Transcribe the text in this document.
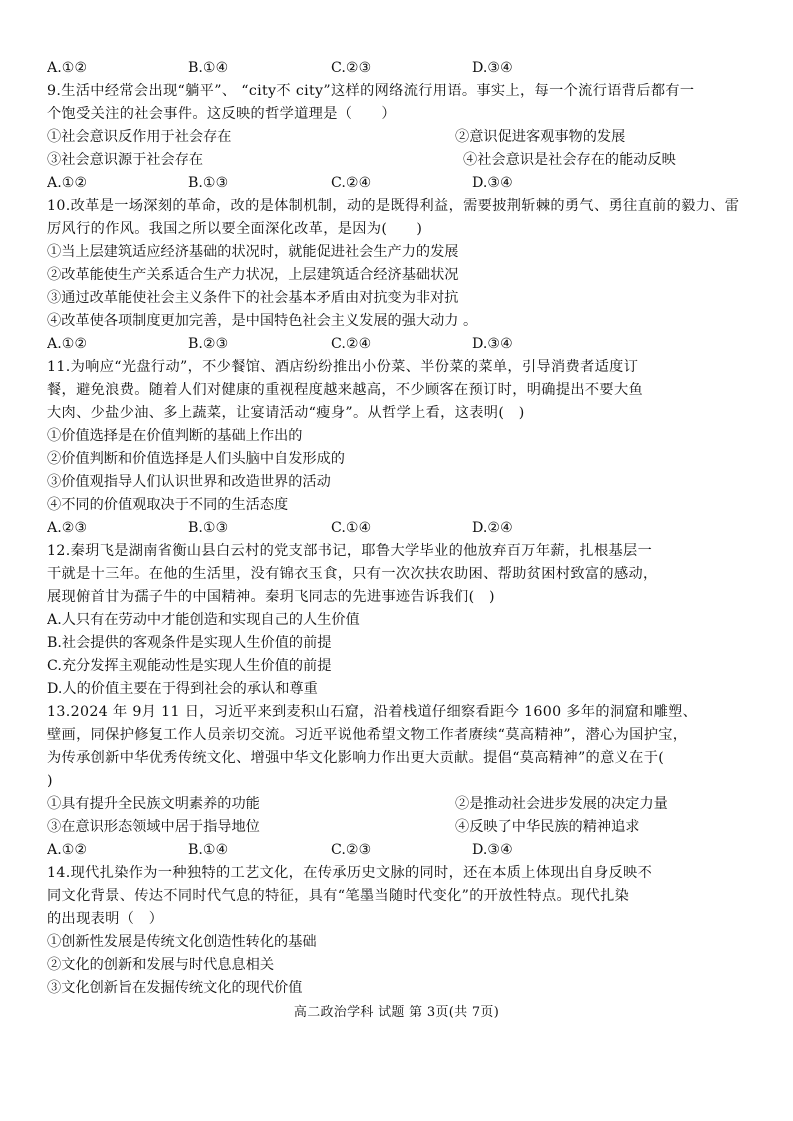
A.①②	B.①④	C.②③	D.③④
9.生活中经常会出现“躺平”、 “city不 city”这样的网络流行用语。事实上，每一个流行语背后都有一
个饱受关注的社会事件。这反映的哲学道理是（　　）
①社会意识反作用于社会存在	②意识促进客观事物的发展
③社会意识源于社会存在	④社会意识是社会存在的能动反映
A.①②	B.①③	C.②④	D.③④
10.改革是一场深刻的革命，改的是体制机制，动的是既得利益，需要披荆斩棘的勇气、勇往直前的毅力、雷
厉风行的作风。我国之所以要全面深化改革，是因为(　　)
①当上层建筑适应经济基础的状况时，就能促进社会生产力的发展
②改革能使生产关系适合生产力状况，上层建筑适合经济基础状况
③通过改革能使社会主义条件下的社会基本矛盾由对抗变为非对抗
④改革使各项制度更加完善，是中国特色社会主义发展的强大动力 。
A.①②	B.②③	C.②④	D.③④
11.为响应“光盘行动”，不少餐馆、酒店纷纷推出小份菜、半份菜的菜单，引导消费者适度订
餐，避免浪费。随着人们对健康的重视程度越来越高，不少顾客在预订时，明确提出不要大鱼
大肉、少盐少油、多上蔬菜，让宴请活动“瘦身”。从哲学上看，这表明(　)
①价值选择是在价值判断的基础上作出的
②价值判断和价值选择是人们头脑中自发形成的
③价值观指导人们认识世界和改造世界的活动
④不同的价值观取决于不同的生活态度
A.②③	B.①③	C.①④	D.②④
12.秦玥飞是湖南省衡山县白云村的党支部书记，耶鲁大学毕业的他放弃百万年薪，扎根基层一
干就是十三年。在他的生活里，没有锦衣玉食，只有一次次扶农助困、帮助贫困村致富的感动，
展现俯首甘为孺子牛的中国精神。秦玥飞同志的先进事迹告诉我们(　)
A.人只有在劳动中才能创造和实现自己的人生价值
B.社会提供的客观条件是实现人生价值的前提
C.充分发挥主观能动性是实现人生价值的前提
D.人的价值主要在于得到社会的承认和尊重
13.2024 年 9月 11 日，习近平来到麦积山石窟，沿着栈道仔细察看距今 1600 多年的洞窟和雕塑、
壁画，同保护修复工作人员亲切交流。习近平说他希望文物工作者赓续“莫高精神”，潜心为国护宝，
为传承创新中华优秀传统文化、增强中华文化影响力作出更大贡献。提倡“莫高精神”的意义在于(
)
①具有提升全民族文明素养的功能	②是推动社会进步发展的决定力量
③在意识形态领域中居于指导地位	④反映了中华民族的精神追求
A.①②	B.①④	C.②③	D.③④
14.现代扎染作为一种独特的工艺文化，在传承历史文脉的同时，还在本质上体现出自身反映不
同文化背景、传达不同时代气息的特征，具有“笔墨当随时代变化”的开放性特点。现代扎染
的出现表明（　）
①创新性发展是传统文化创造性转化的基础
②文化的创新和发展与时代息息相关
③文化创新旨在发掘传统文化的现代价值
高二政治学科 试题 第 3页(共 7页)
